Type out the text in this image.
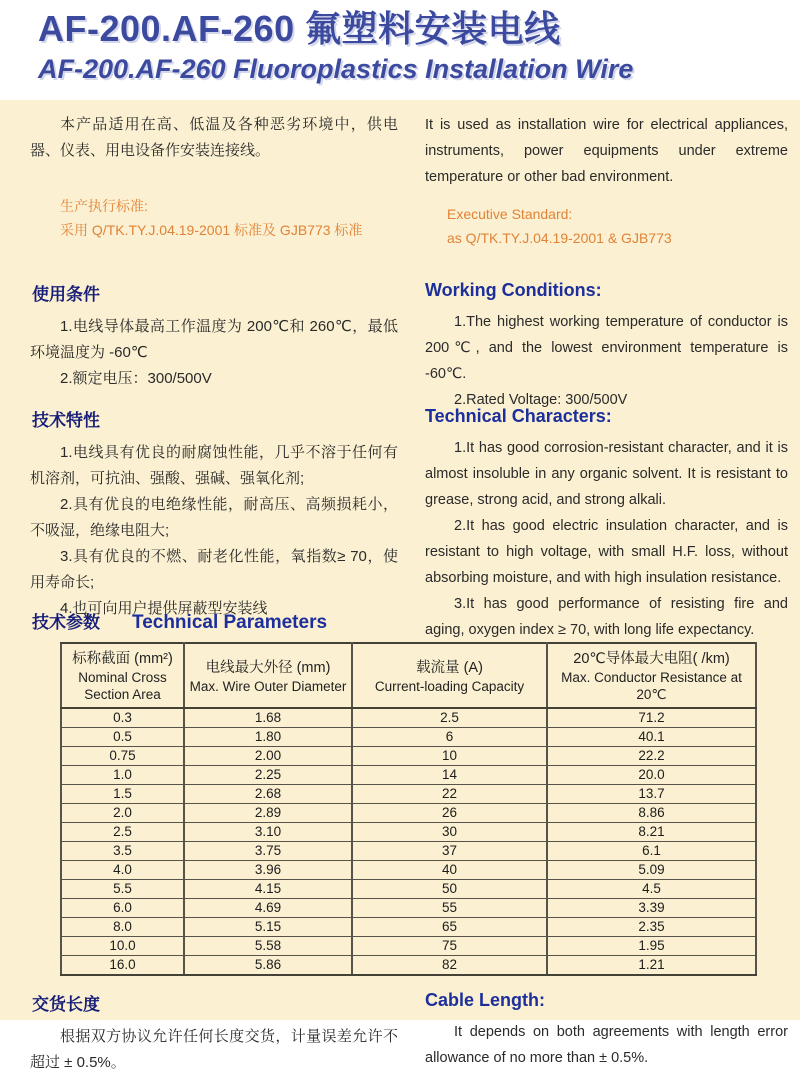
AF-200.AF-260 氟塑料安装电线
AF-200.AF-260 Fluoroplastics Installation Wire

本产品适用在高、低温及各种恶劣环境中，供电器、仪表、用电设备作安装连接线。

生产执行标准:
采用 Q/TK.TY.J.04.19-2001 标准及 GJB773 标准

It is used as installation wire for electrical appliances, instruments, power equipments under extreme temperature or other bad environment.

Executive Standard:
as Q/TK.TY.J.04.19-2001 & GJB773
使用条件

1.电线导体最高工作温度为 200℃和 260℃，最低环境温度为 -60℃

2.额定电压：300/500V

Working Conditions:

1.The highest working temperature of conductor is 200℃, and the lowest environment temperature is -60℃.

2.Rated Voltage: 300/500V

技术特性

1.电线具有优良的耐腐蚀性能，几乎不溶于任何有机溶剂，可抗油、强酸、强碱、强氧化剂;

2.具有优良的电绝缘性能，耐高压、高频损耗小，不吸湿，绝缘电阻大;

3.具有优良的不燃、耐老化性能，氧指数≥ 70，使用寿命长;

4.也可向用户提供屏蔽型安装线

Technical Characters:

1.It has good corrosion-resistant character, and it is almost insoluble in any organic solvent. It is resistant to grease, strong acid, and strong alkali.

2.It has good electric insulation character, and is resistant to high voltage, with small H.F. loss, without absorbing moisture, and with high insulation resistance.

3.It has good performance of resisting fire and aging, oxygen index ≥ 70, with long life expectancy.

技术参数 Technical Parameters
标称截面 (mm²)
Nominal Cross Section Area

电线最大外径 (mm)
Max. Wire Outer Diameter

载流量 (A)
Current-loading Capacity

20℃导体最大电阻( /km)
Max. Conductor Resistance at 20℃

0.3	1.68	2.5	71.2
0.5	1.80	6	40.1
0.75	2.00	10	22.2
1.0	2.25	14	20.0
1.5	2.68	22	13.7
2.0	2.89	26	8.86
2.5	3.10	30	8.21
3.5	3.75	37	6.1
4.0	3.96	40	5.09
5.5	4.15	50	4.5
6.0	4.69	55	3.39
8.0	5.15	65	2.35
10.0	5.58	75	1.95
16.0	5.86	82	1.21
交货长度

根据双方协议允许任何长度交货，计量误差允许不超过 ± 0.5%。

Cable Length:

It depends on both agreements with length error allowance of no more than ± 0.5%.
